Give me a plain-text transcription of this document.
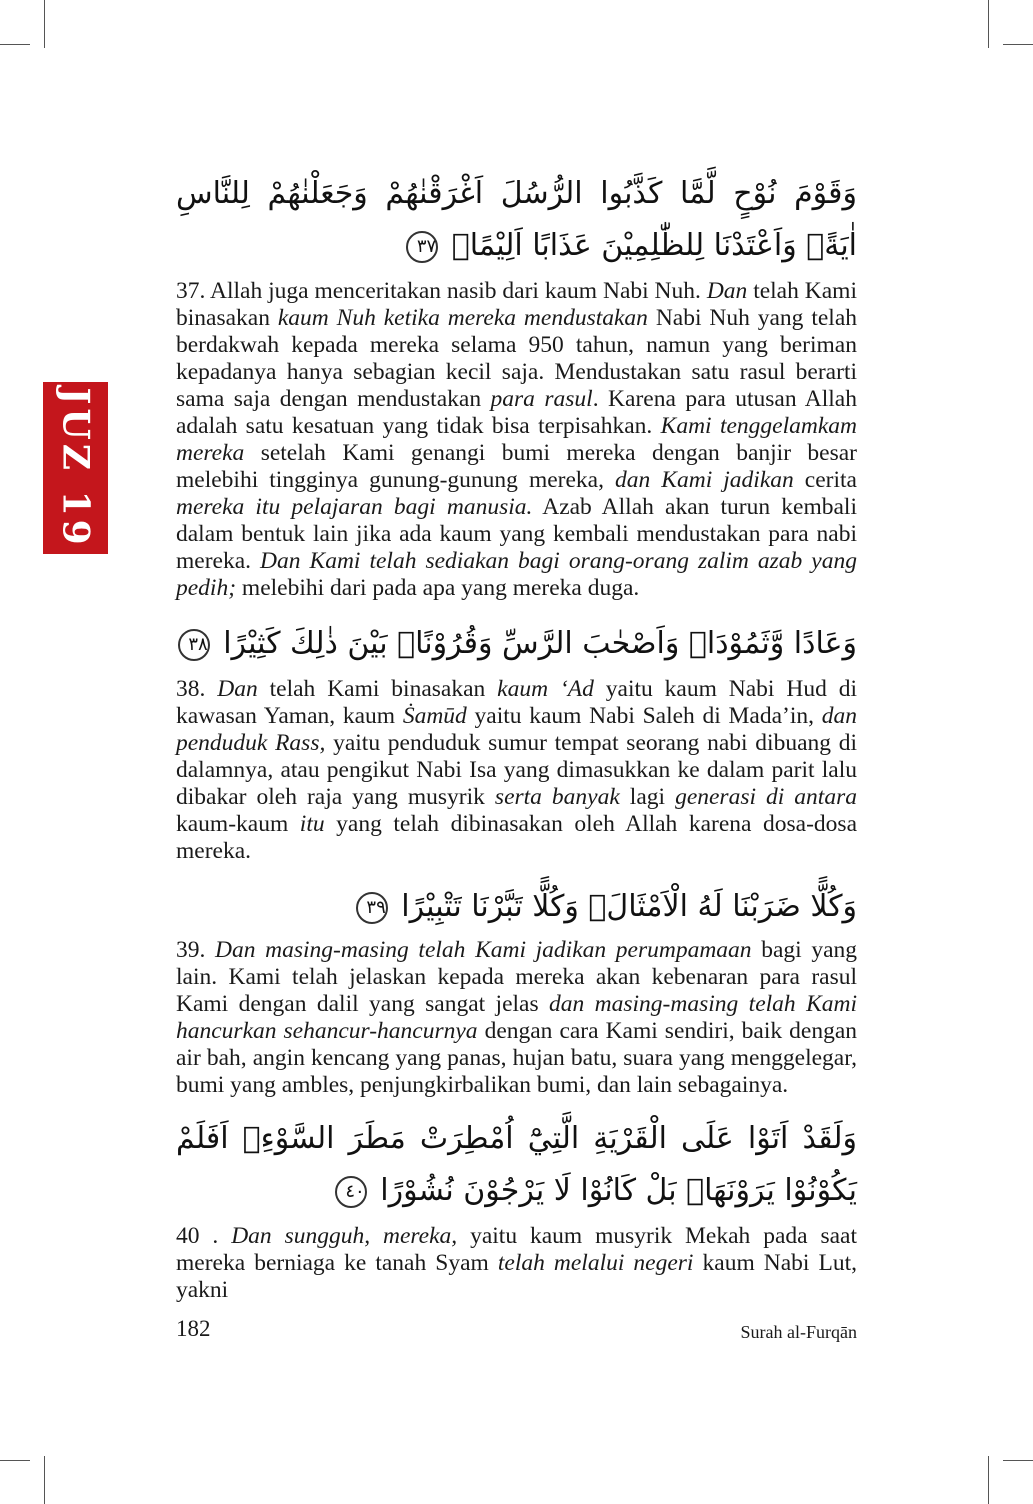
JUZ 19
وَقَوْمَ نُوْحٍ لَّمَّا كَذَّبُوا الرُّسُلَ اَغْرَقْنٰهُمْ وَجَعَلْنٰهُمْ لِلنَّاسِ اٰيَةًۗ وَاَعْتَدْنَا لِلظّٰلِمِيْنَ عَذَابًا اَلِيْمًاۚ ٣٧

37. Allah juga menceritakan nasib dari kaum Nabi Nuh. Dan telah Kami binasakan kaum Nuh ketika mereka mendustakan Nabi Nuh yang telah berdakwah kepada mereka selama 950 tahun, namun yang beriman kepadanya hanya sebagian kecil saja. Mendustakan satu rasul berarti sama saja dengan mendustakan para rasul. Karena para utusan Allah adalah satu kesatuan yang tidak bisa terpisahkan. Kami tenggelamkam mereka setelah Kami genangi bumi mereka dengan banjir besar melebihi tingginya gunung-gunung mereka, dan Kami jadikan cerita mereka itu pelajaran bagi manusia. Azab Allah akan turun kembali dalam bentuk lain jika ada kaum yang kembali mendustakan para nabi mereka. Dan Kami telah sediakan bagi orang-orang zalim azab yang pedih; melebihi dari pada apa yang mereka duga.

وَعَادًا وَّثَمُوْدَا۟ وَاَصْحٰبَ الرَّسِّ وَقُرُوْنًاۢ بَيْنَ ذٰلِكَ كَثِيْرًا ٣٨

38. Dan telah Kami binasakan kaum ‘Ad yaitu kaum Nabi Hud di kawasan Yaman, kaum Ṡamūd yaitu kaum Nabi Saleh di Mada’in, dan penduduk Rass, yaitu penduduk sumur tempat seorang nabi dibuang di dalamnya, atau pengikut Nabi Isa yang dimasukkan ke dalam parit lalu dibakar oleh raja yang musyrik serta banyak lagi generasi di antara kaum-kaum itu yang telah dibinasakan oleh Allah karena dosa-dosa mereka.

وَكُلًّا ضَرَبْنَا لَهُ الْاَمْثَالَۖ وَكُلًّا تَبَّرْنَا تَتْبِيْرًا ٣٩

39. Dan masing-masing telah Kami jadikan perumpamaan bagi yang lain. Kami telah jelaskan kepada mereka akan kebenaran para rasul Kami dengan dalil yang sangat jelas dan masing-masing telah Kami hancurkan sehancur-hancurnya dengan cara Kami sendiri, baik dengan air bah, angin kencang yang panas, hujan batu, suara yang menggelegar, bumi yang ambles, penjungkirbalikan bumi, dan lain sebagainya.

وَلَقَدْ اَتَوْا عَلَى الْقَرْيَةِ الَّتِيْٓ اُمْطِرَتْ مَطَرَ السَّوْءِۗ اَفَلَمْ يَكُوْنُوْا يَرَوْنَهَاۚ بَلْ كَانُوْا لَا يَرْجُوْنَ نُشُوْرًا ٤٠

40 . Dan sungguh, mereka, yaitu kaum musyrik Mekah pada saat mereka berniaga ke tanah Syam telah melalui negeri kaum Nabi Lut, yakni

182	Surah al-Furqān
